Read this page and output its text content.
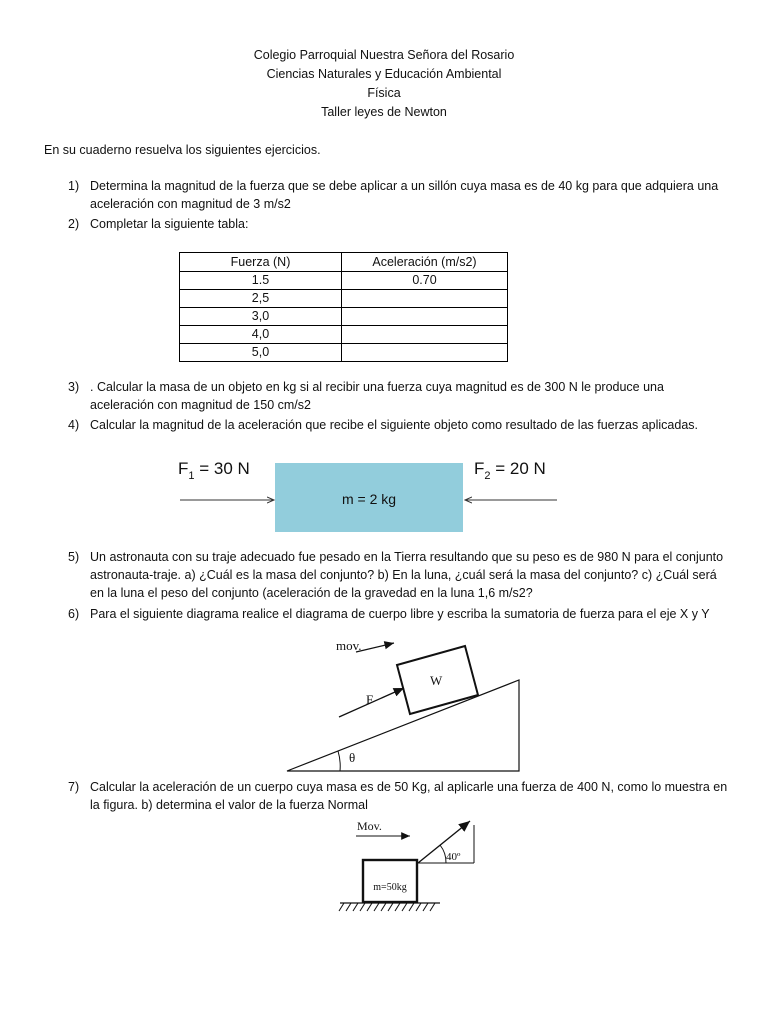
Colegio Parroquial Nuestra Señora del Rosario
Ciencias Naturales y Educación Ambiental
Física
Taller leyes de Newton
En su cuaderno resuelva los siguientes ejercicios.
1) Determina la magnitud de la fuerza que se debe aplicar a un sillón cuya masa es de 40 kg para que adquiera una aceleración con magnitud de 3 m/s2
2) Completar la siguiente tabla:
Fuerza (N)	Aceleración (m/s2)
1.5	0.70
2,5	
3,0	
4,0	
5,0	
3) . Calcular la masa de un objeto en kg si al recibir una fuerza cuya magnitud es de 300 N le produce una aceleración con magnitud de 150 cm/s2
4) Calcular la magnitud de la aceleración que recibe el siguiente objeto como resultado de las fuerzas aplicadas.
$F_1 = 30$ N	$F_2 = 20$ N
m = 2 kg
5) Un astronauta con su traje adecuado fue pesado en la Tierra resultando que su peso es de 980 N para el conjunto astronauta-traje. a) ¿Cuál es la masa del conjunto? b) En la luna, ¿cuál será la masa del conjunto? c) ¿Cuál será en la luna el peso del conjunto (aceleración de la gravedad en la luna 1,6 m/s2?
6) Para el siguiente diagrama realice el diagrama de cuerpo libre y escriba la sumatoria de fuerza para el eje X y Y
θ
W
F
mov.
7) Calcular la aceleración de un cuerpo cuya masa es de 50 Kg, al aplicarle una fuerza de 400 N, como lo muestra en la figura. b) determina el valor de la fuerza Normal
Mov.
m=50kg
40º
